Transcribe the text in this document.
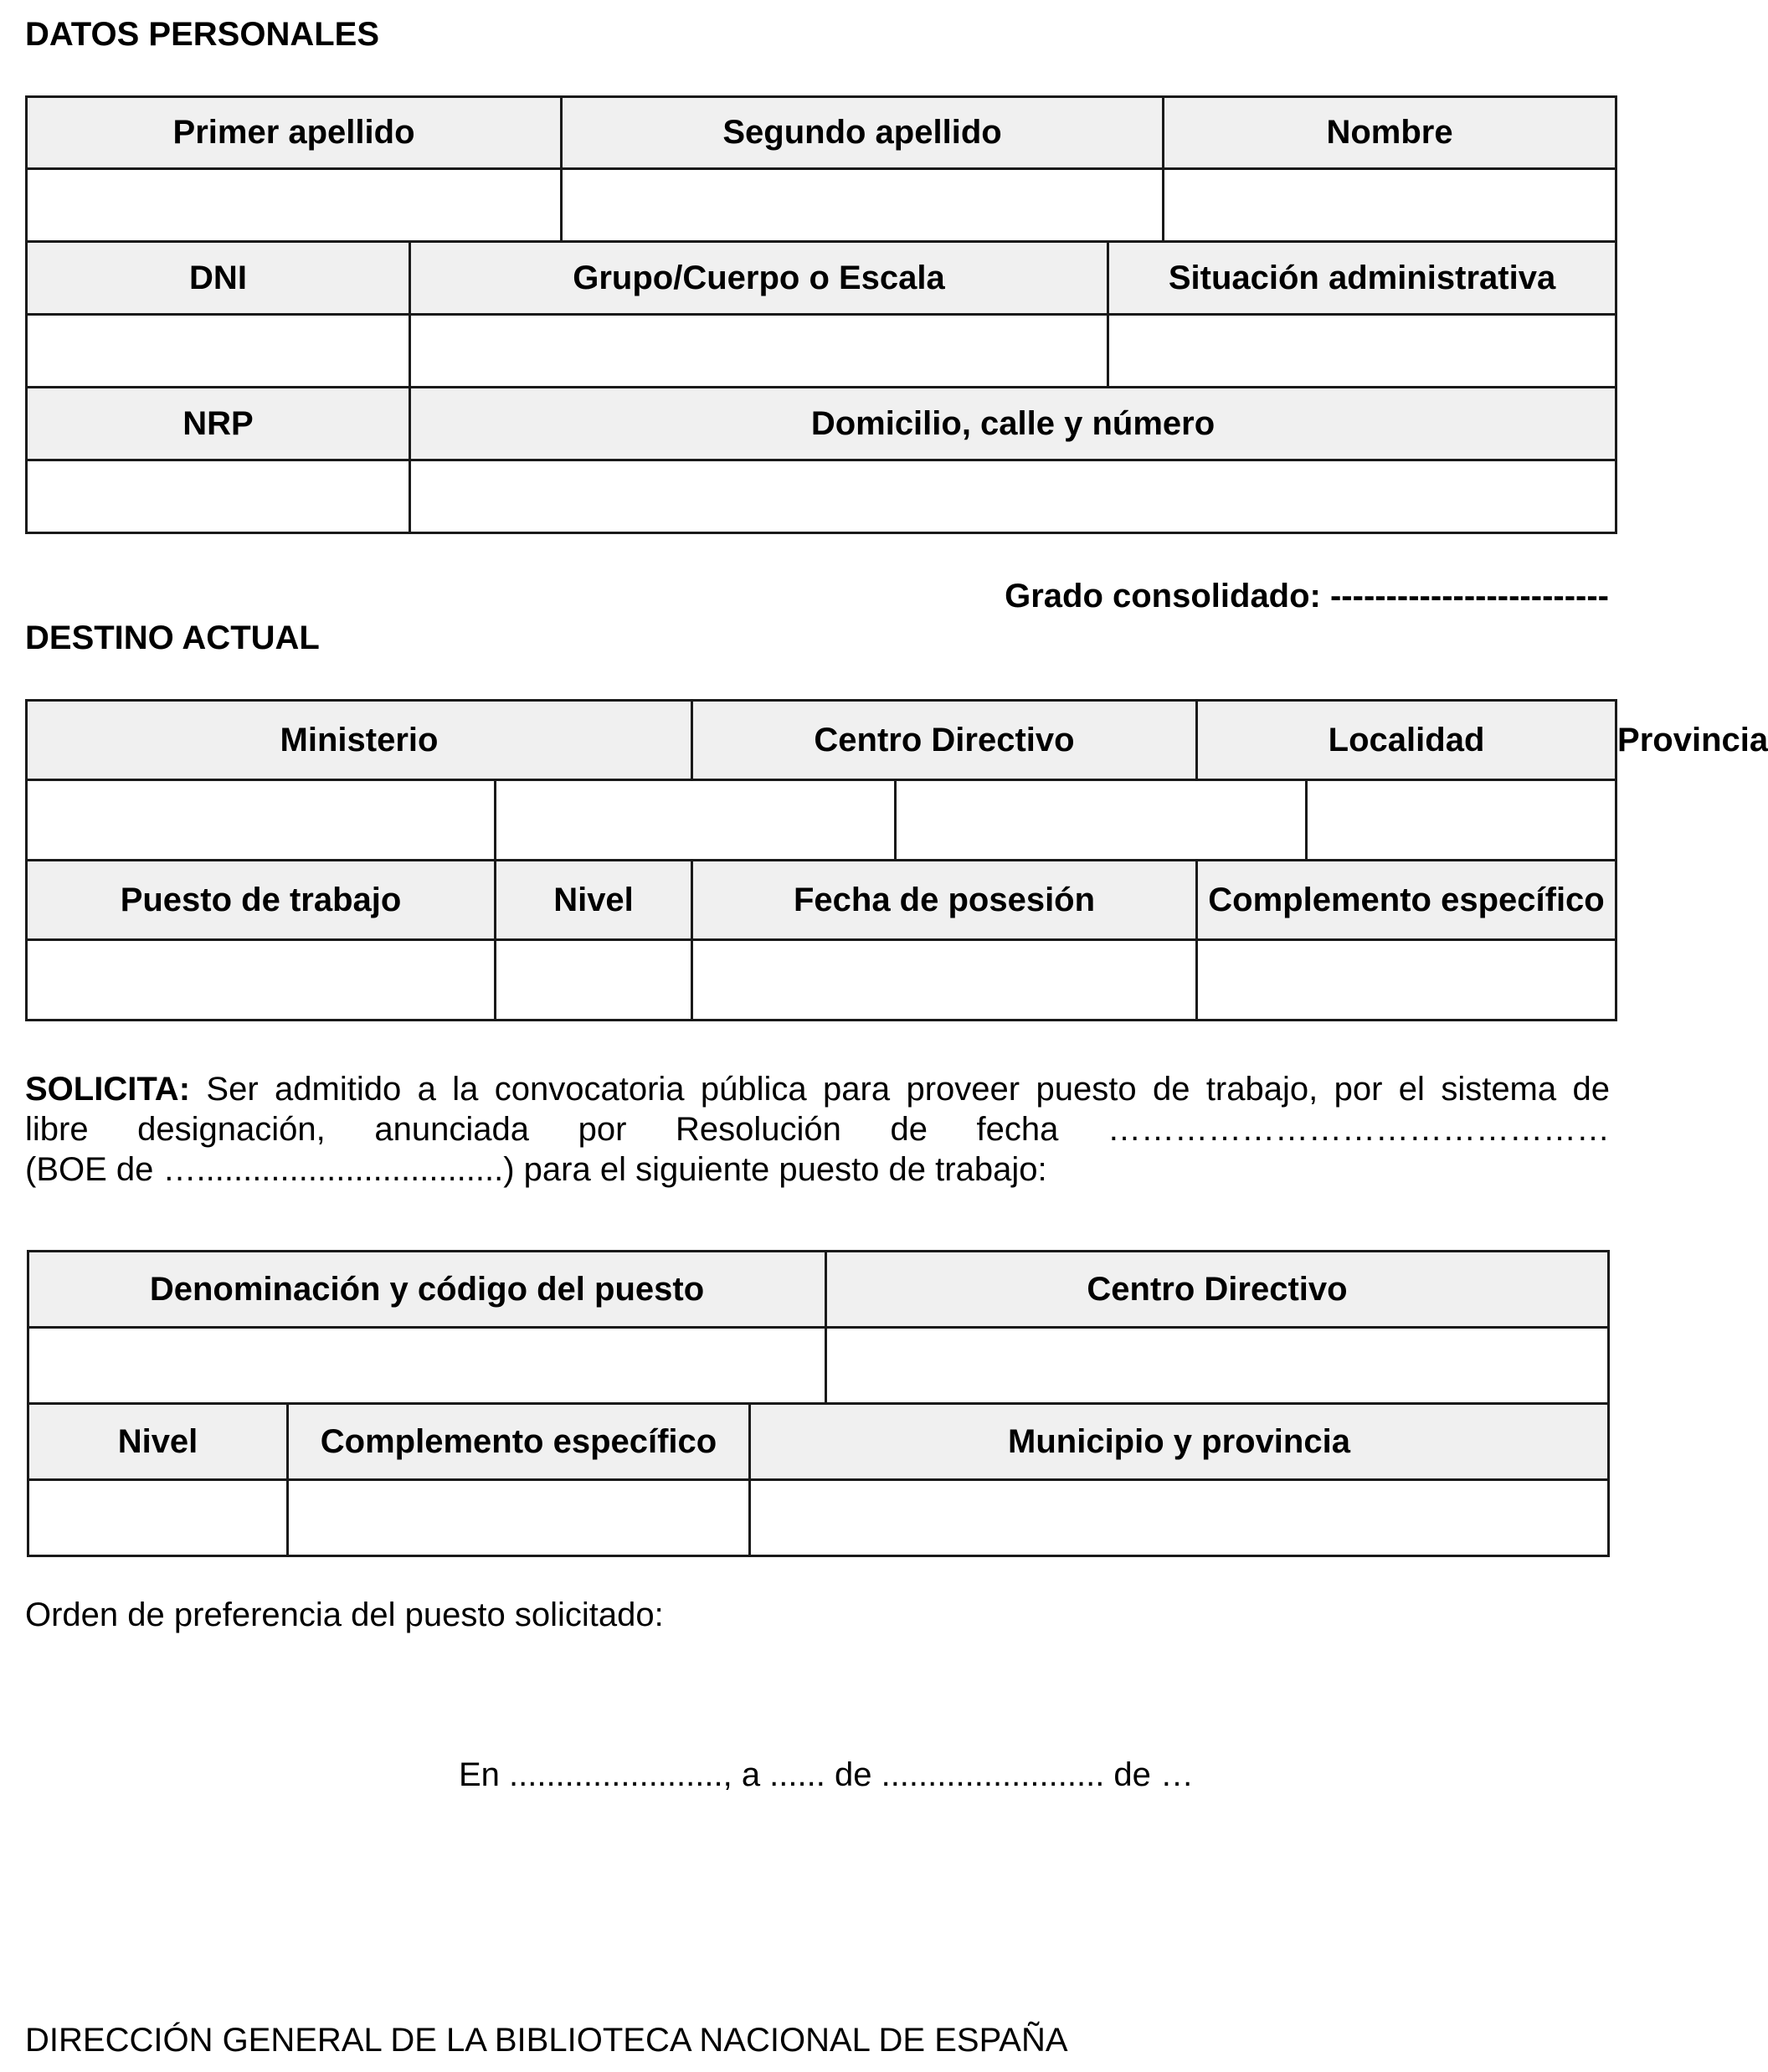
DATOS PERSONALES
Primer apellido		Segundo apellido		Nombre

DNI	Grupo/Cuerpo o Escala		Situación administrativa	

NRP	Domicilio, calle y número			

Grado consolidado: -------------------------
DESTINO ACTUAL
Ministerio		Centro Directivo		Localidad		Provincia

Puesto de trabajo	Nivel	Fecha de posesión		Complemento específico		

SOLICITA: Ser admitido a la convocatoria pública para proveer puesto de trabajo, por el sistema de
libre designación, anunciada por Resolución de fecha ………………………………………
(BOE de ….................................) para el siguiente puesto de trabajo:
Denominación y código del puesto			Centro Directivo

Nivel	Complemento específico	Municipio y provincia	

Orden de preferencia del puesto solicitado:
En ......................., a ...... de ........................ de …
DIRECCIÓN GENERAL DE LA BIBLIOTECA NACIONAL DE ESPAÑA
